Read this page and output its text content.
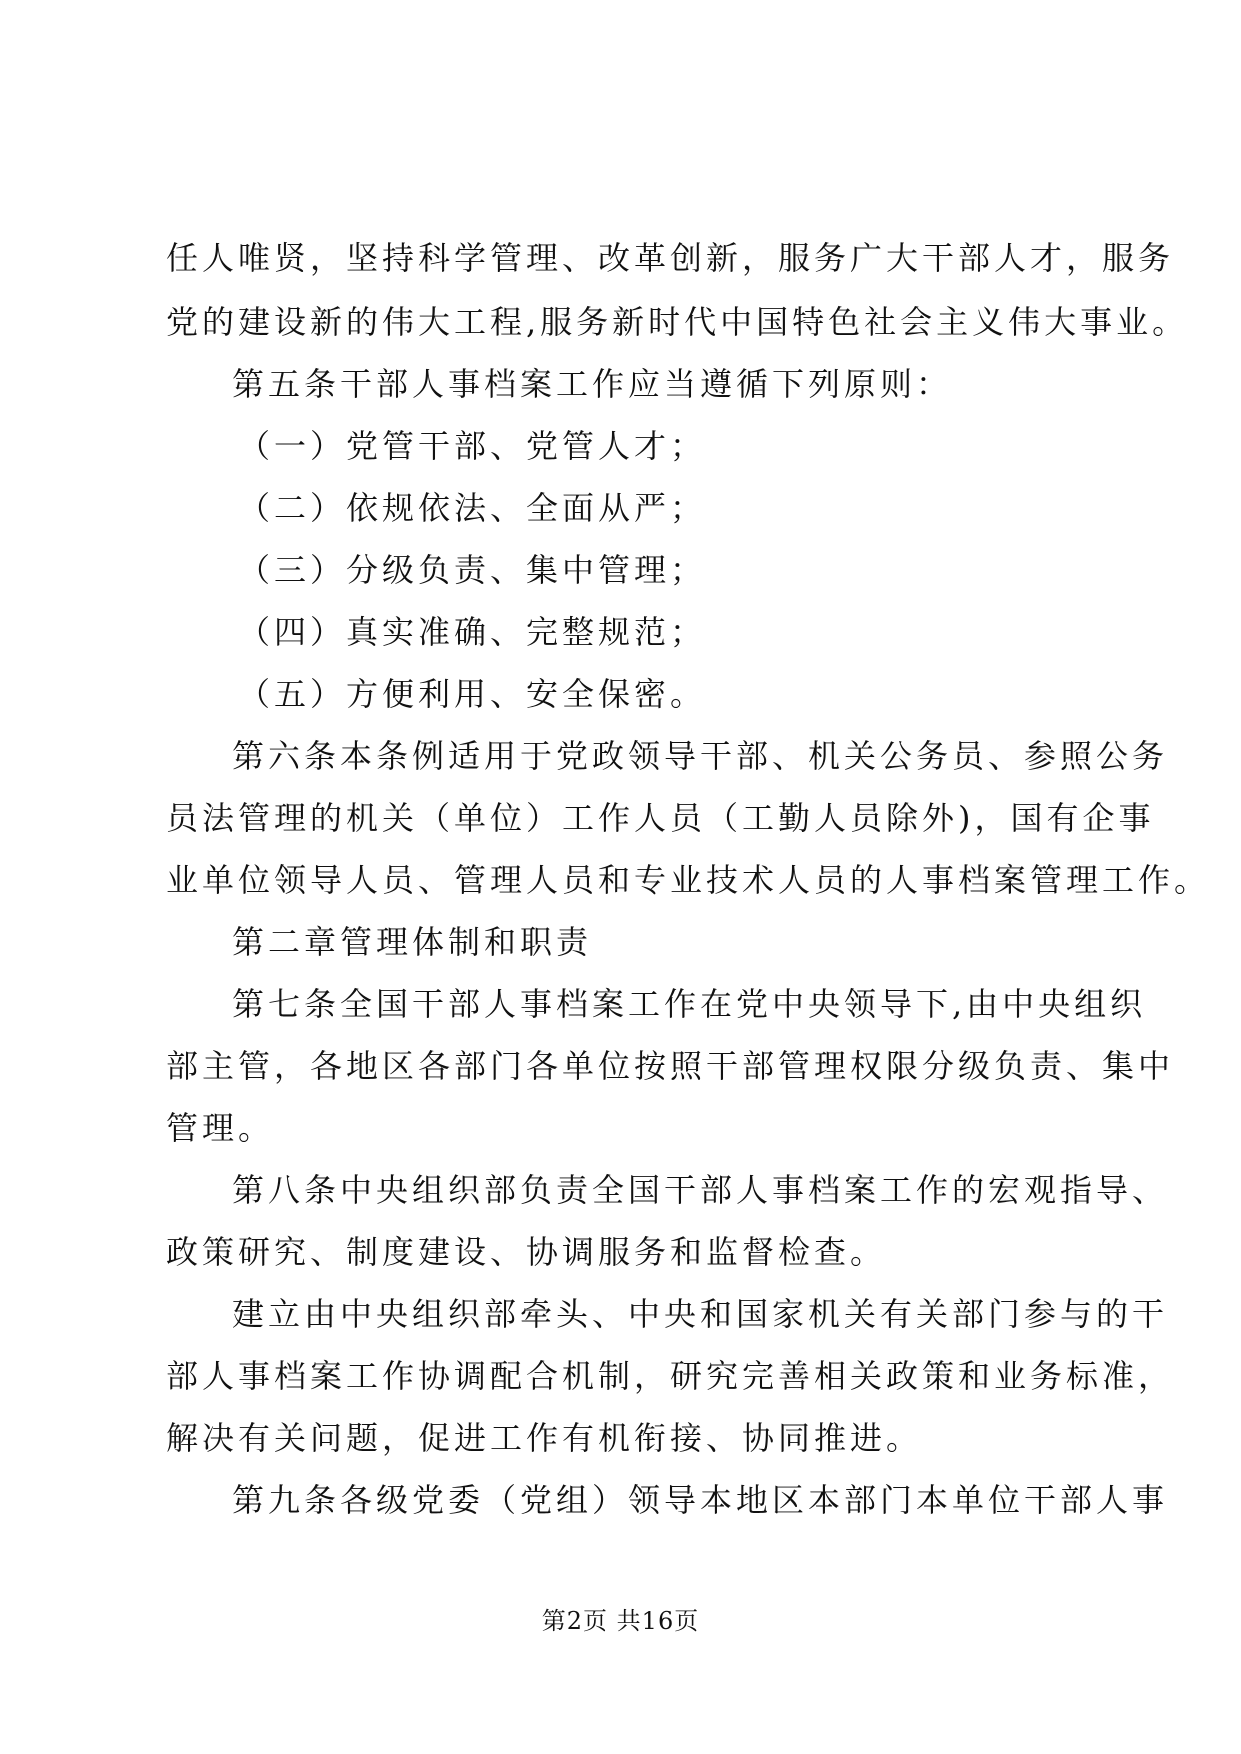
任人唯贤，坚持科学管理、改革创新，服务广大干部人才，服务
党的建设新的伟大工程,服务新时代中国特色社会主义伟大事业。
第五条干部人事档案工作应当遵循下列原则：
（一）党管干部、党管人才；
（二）依规依法、全面从严；
（三）分级负责、集中管理；
（四）真实准确、完整规范；
（五）方便利用、安全保密。
第六条本条例适用于党政领导干部、机关公务员、参照公务
员法管理的机关（单位）工作人员（工勤人员除外)，国有企事
业单位领导人员、管理人员和专业技术人员的人事档案管理工作。
第二章管理体制和职责
第七条全国干部人事档案工作在党中央领导下,由中央组织
部主管，各地区各部门各单位按照干部管理权限分级负责、集中
管理。
第八条中央组织部负责全国干部人事档案工作的宏观指导、
政策研究、制度建设、协调服务和监督检查。
建立由中央组织部牵头、中央和国家机关有关部门参与的干
部人事档案工作协调配合机制，研究完善相关政策和业务标准，
解决有关问题，促进工作有机衔接、协同推进。
第九条各级党委（党组）领导本地区本部门本单位干部人事
第2页 共16页
